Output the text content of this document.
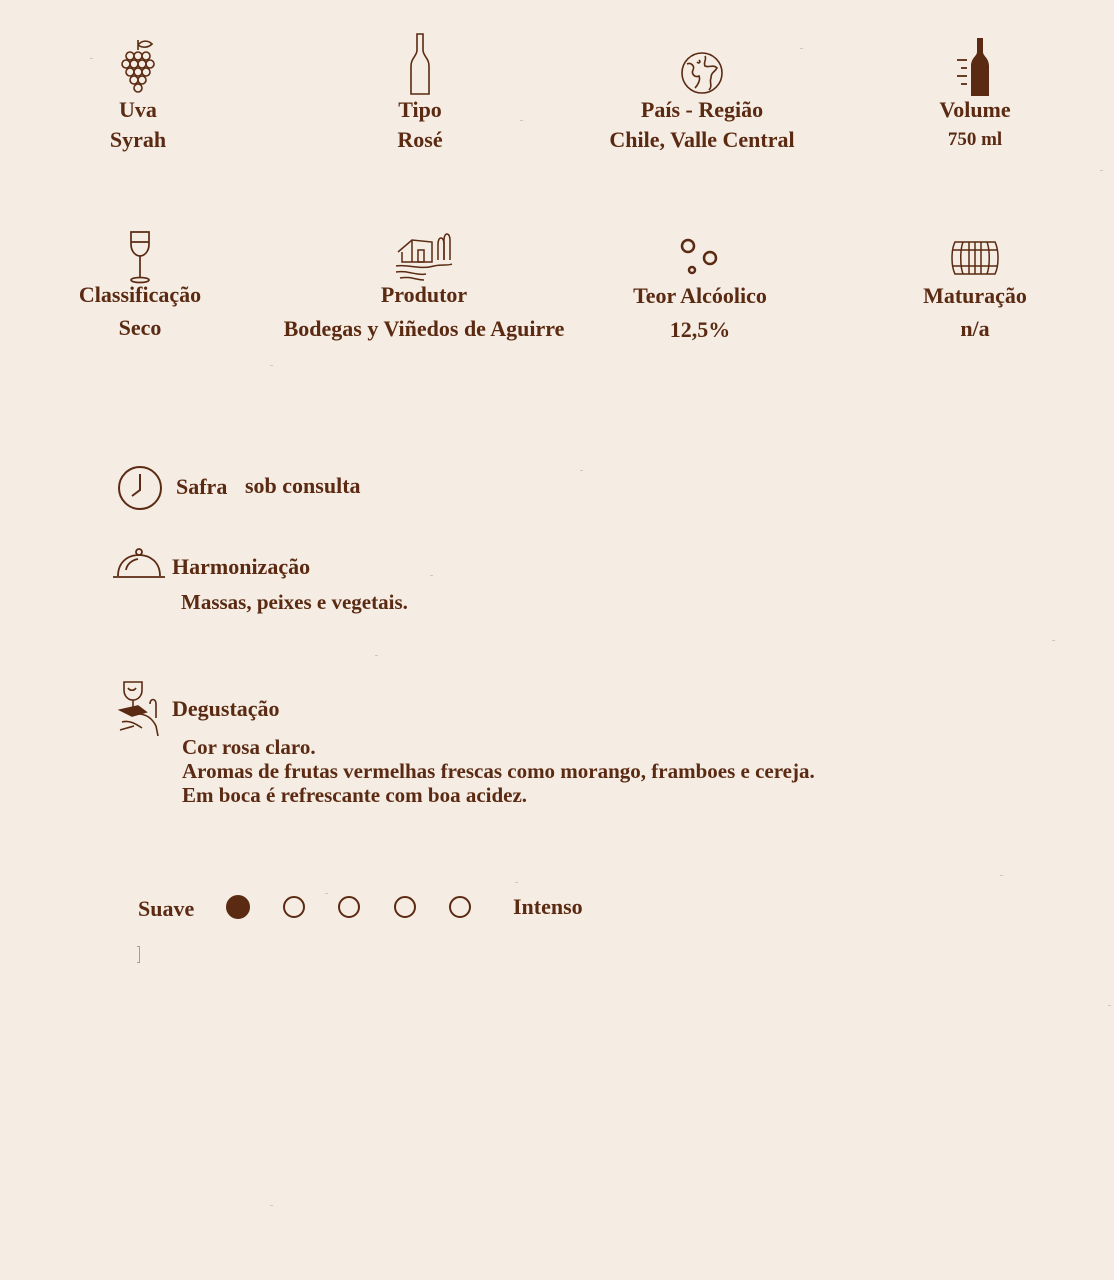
Uva
Syrah
Tipo
Rosé
País - Região
Chile, Valle Central
Volume
750 ml
Classificação
Seco
Produtor
Bodegas y Viñedos de Aguirre
Teor Alcóolico
12,5%
Maturação
n/a
Safra sob consulta
Harmonização
Massas, peixes e vegetais.
Degustação
Cor rosa claro.
Aromas de frutas vermelhas frescas como morango, framboes e cereja.
Em boca é refrescante com boa acidez.
Suave	Intenso
